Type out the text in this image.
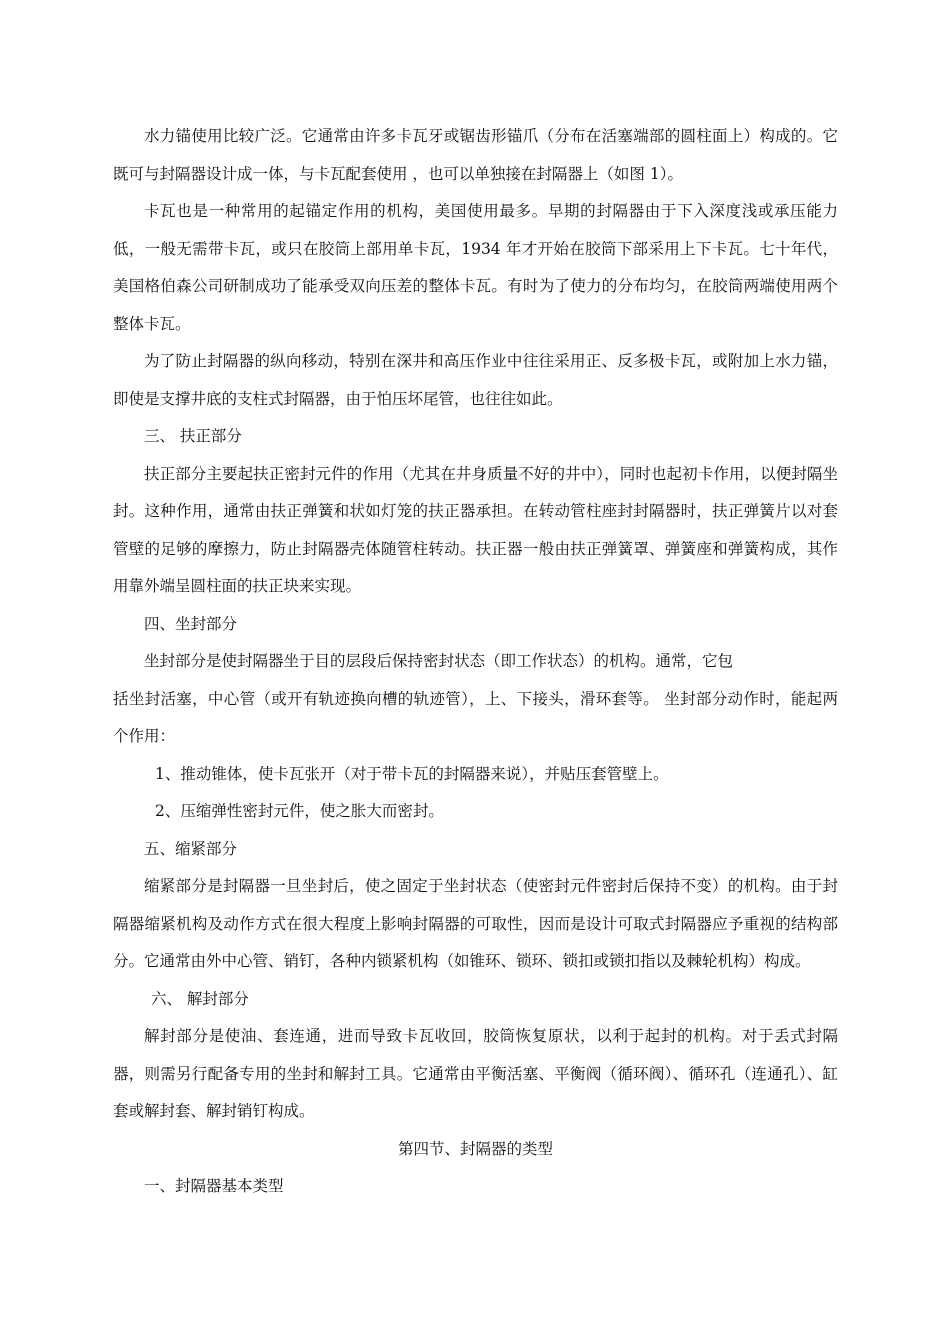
水力锚使用比较广泛。它通常由许多卡瓦牙或锯齿形锚爪（分布在活塞端部的圆柱面上）构成的。它既可与封隔器设计成一体，与卡瓦配套使用 ，也可以单独接在封隔器上（如图 1）。

卡瓦也是一种常用的起锚定作用的机构，美国使用最多。早期的封隔器由于下入深度浅或承压能力低，一般无需带卡瓦，或只在胶筒上部用单卡瓦，1934 年才开始在胶筒下部采用上下卡瓦。七十年代，美国格伯森公司研制成功了能承受双向压差的整体卡瓦。有时为了使力的分布均匀，在胶筒两端使用两个整体卡瓦。

为了防止封隔器的纵向移动，特别在深井和高压作业中往往采用正、反多极卡瓦，或附加上水力锚，即使是支撑井底的支柱式封隔器，由于怕压坏尾管，也往往如此。

三、 扶正部分

扶正部分主要起扶正密封元件的作用（尤其在井身质量不好的井中），同时也起初卡作用，以便封隔坐封。这种作用，通常由扶正弹簧和状如灯笼的扶正器承担。在转动管柱座封封隔器时，扶正弹簧片以对套管壁的足够的摩擦力，防止封隔器壳体随管柱转动。扶正器一般由扶正弹簧罩、弹簧座和弹簧构成，其作用靠外端呈圆柱面的扶正块来实现。

四、坐封部分

坐封部分是使封隔器坐于目的层段后保持密封状态（即工作状态）的机构。通常，它包

括坐封活塞，中心管（或开有轨迹换向槽的轨迹管），上、下接头，滑环套等。 坐封部分动作时，能起两个作用：

1、推动锥体，使卡瓦张开（对于带卡瓦的封隔器来说），并贴压套管壁上。

2、压缩弹性密封元件，使之胀大而密封。

五、缩紧部分

缩紧部分是封隔器一旦坐封后，使之固定于坐封状态（使密封元件密封后保持不变）的机构。由于封隔器缩紧机构及动作方式在很大程度上影响封隔器的可取性，因而是设计可取式封隔器应予重视的结构部分。它通常由外中心管、销钉，各种内锁紧机构（如锥环、锁环、锁扣或锁扣指以及棘轮机构）构成。

六、 解封部分

解封部分是使油、套连通，进而导致卡瓦收回，胶筒恢复原状，以利于起封的机构。对于丢式封隔器，则需另行配备专用的坐封和解封工具。它通常由平衡活塞、平衡阀（循环阀）、循环孔（连通孔）、缸套或解封套、解封销钉构成。

第四节、封隔器的类型

一、封隔器基本类型
